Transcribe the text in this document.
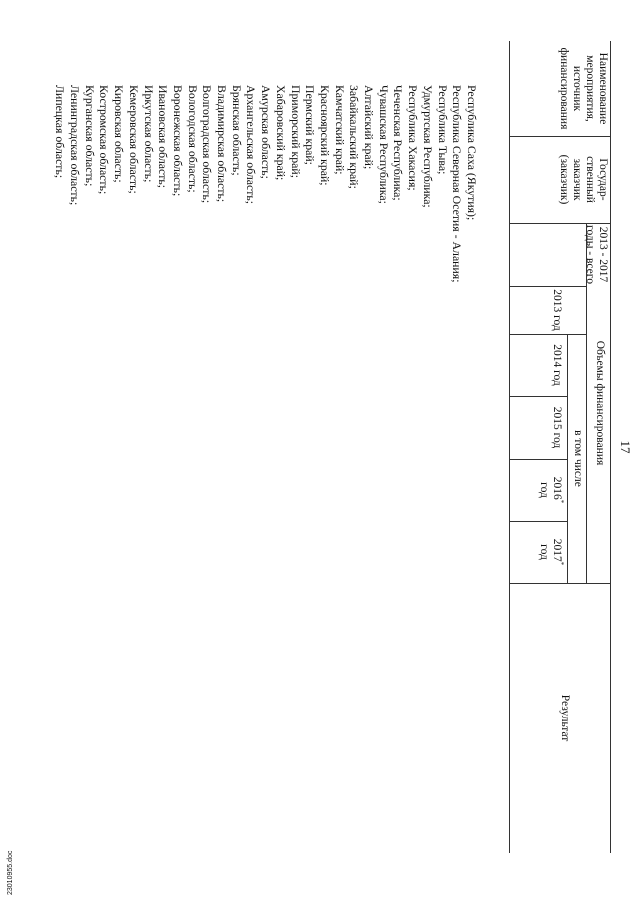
17
Наименование мероприятия, источник финансирования
Государ-ственный заказчик (заказчик)
2013 - 2017 годы - всего
Объемы финансирования
в том числе
2013 год
2014 год
2015 год
2016*
год
2017*
год
Результат
Республика Саха (Якутия);
Республика Северная Осетия - Алания;
Республика Тыва;
Удмуртская Республика;
Республика Хакасия;
Чеченская Республика;
Чувашская Республика;
Алтайский край;
Забайкальский край;
Камчатский край;
Красноярский край;
Пермский край;
Приморский край;
Хабаровский край;
Амурская область;
Архангельская область;
Брянская область;
Владимирская область;
Волгоградская область;
Вологодская область;
Воронежская область;
Ивановская область;
Иркутская область;
Кемеровская область;
Кировская область;
Костромская область;
Курганская область;
Ленинградская область;
Липецкая область;
23010955.doc
